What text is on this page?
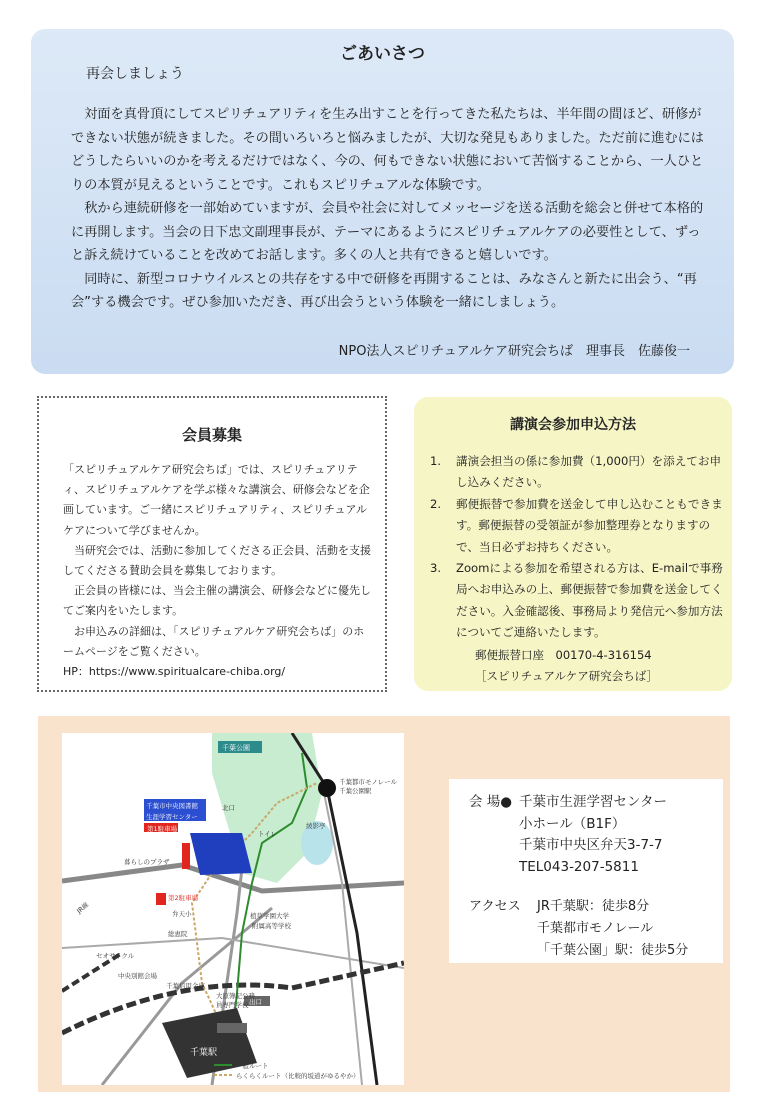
ごあいさつ
再会しましょう

対面を真骨頂にしてスピリチュアリティを生み出すことを行ってきた私たちは、半年間の間ほど、研修ができない状態が続きました。その間いろいろと悩みましたが、大切な発見もありました。ただ前に進むにはどうしたらいいのかを考えるだけではなく、今の、何もできない状態において苦悩することから、一人ひとりの本質が見えるということです。これもスピリチュアルな体験です。

秋から連続研修を一部始めていますが、会員や社会に対してメッセージを送る活動を総会と併せて本格的に再開します。当会の日下忠文副理事長が、テーマにあるようにスピリチュアルケアの必要性として、ずっと訴え続けていることを改めてお話します。多くの人と共有できると嬉しいです。

同時に、新型コロナウイルスとの共存をする中で研修を再開することは、みなさんと新たに出会う、“再会”する機会です。ぜひ参加いただき、再び出会うという体験を一緒にしましょう。

NPO法人スピリチュアルケア研究会ちば　理事長　佐藤俊一
会員募集

「スピリチュアルケア研究会ちば」では、スピリチュアリティ、スピリチュアルケアを学ぶ様々な講演会、研修会などを企画しています。ご一緒にスピリチュアリティ、スピリチュアルケアについて学びませんか。

当研究会では、活動に参加してくださる正会員、活動を支援してくださる賛助会員を募集しております。

正会員の皆様には、当会主催の講演会、研修会などに優先してご案内をいたします。

お申込みの詳細は、「スピリチュアルケア研究会ちば」のホームページをご覧ください。

HP：https://www.spiritualcare-chiba.org/

講演会参加申込方法
1.	講演会担当の係に参加費（1,000円）を添えてお申し込みください。
2.	郵便振替で参加費を送金して申し込むこともできます。郵便振替の受領証が参加整理券となりますので、当日必ずお持ちください。
3.	Zoomによる参加を希望される方は、E-mailで事務局へお申込みの上、郵便振替で参加費を送金してください。入金確認後、事務局より発信元へ参加方法についてご連絡いたします。
郵便振替口座　00170-4-316154
［スピリチュアルケア研究会ちば］
千葉公園
千葉都市モノレール千葉公園駅
千葉市中央図書館
生涯学習センター
第1駐車場
第2駐車場
暮らしのプラザ
北口
トイレ
綾影亭
植草学園大学
附属高等学校
弁天小
総恵院
セオサイクル
中央別館会場
千葉信用金庫
大原簿記公務員専門学校 出口
千葉駅
JR線
一般ルート
らくらくルート（比較的坂道がゆるやか）
会 場● 千葉市生涯学習センター
小ホール（B1F）
千葉市中央区弁天3-7-7
TEL043-207-5811
アクセス	JR千葉駅：徒歩8分
千葉都市モノレール
「千葉公園」駅：徒歩5分
